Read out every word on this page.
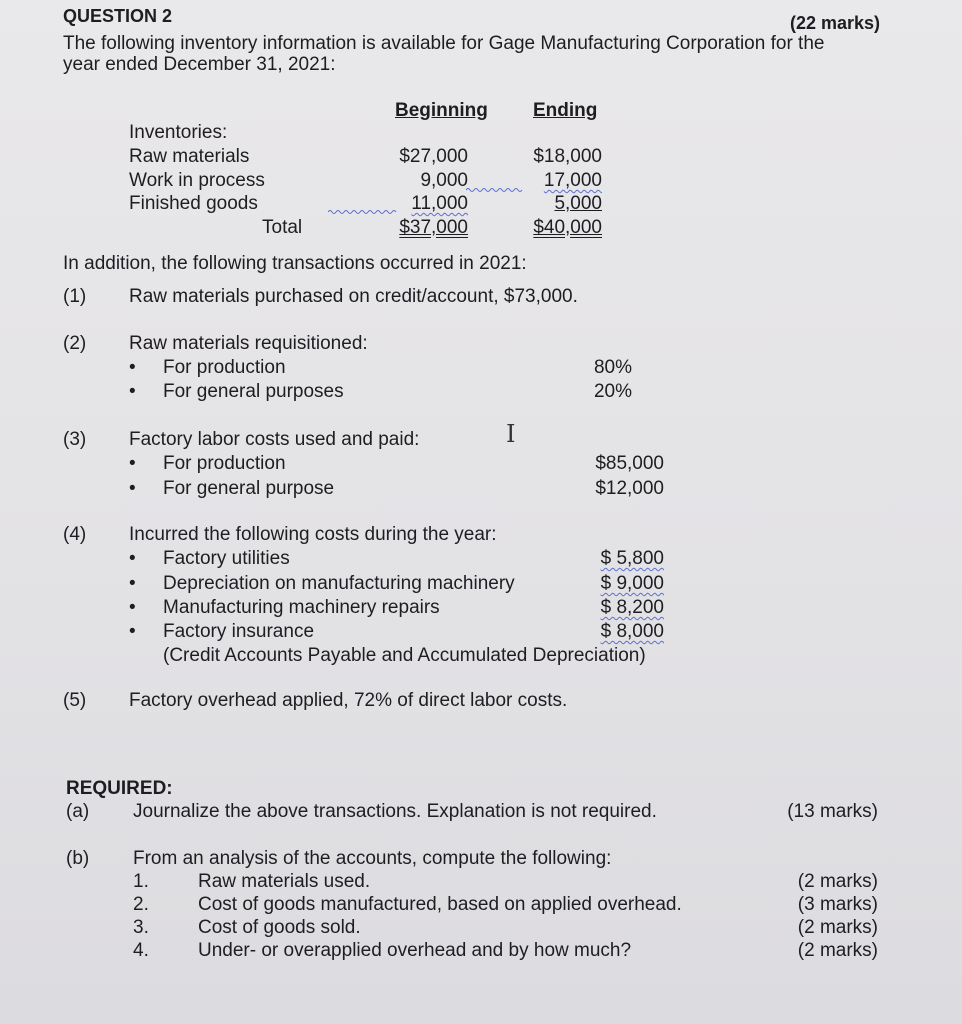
QUESTION 2	(22 marks)
The following inventory information is available for Gage Manufacturing Corporation for the
year ended December 31, 2021:
Beginning Ending
Inventories:
Raw materials	$27,000	$18,000
Work in process	9,000	17,000
Finished goods	11,000	5,000
Total	$37,000	$40,000
In addition, the following transactions occurred in 2021:
(1) Raw materials purchased on credit/account, $73,000.
(2) Raw materials requisitioned:
• For production	80%
• For general purposes	20%
(3) Factory labor costs used and paid:	I
• For production	$85,000
• For general purpose	$12,000
(4) Incurred the following costs during the year:
• Factory utilities	$ 5,800
• Depreciation on manufacturing machinery	$ 9,000
• Manufacturing machinery repairs	$ 8,200
• Factory insurance	$ 8,000
(Credit Accounts Payable and Accumulated Depreciation)
(5) Factory overhead applied, 72% of direct labor costs.
REQUIRED:
(a) Journalize the above transactions. Explanation is not required.	(13 marks)
(b) From an analysis of the accounts, compute the following:
1.	Raw materials used.	(2 marks)
2.	Cost of goods manufactured, based on applied overhead.	(3 marks)
3.	Cost of goods sold.	(2 marks)
4.	Under- or overapplied overhead and by how much?	(2 marks)
